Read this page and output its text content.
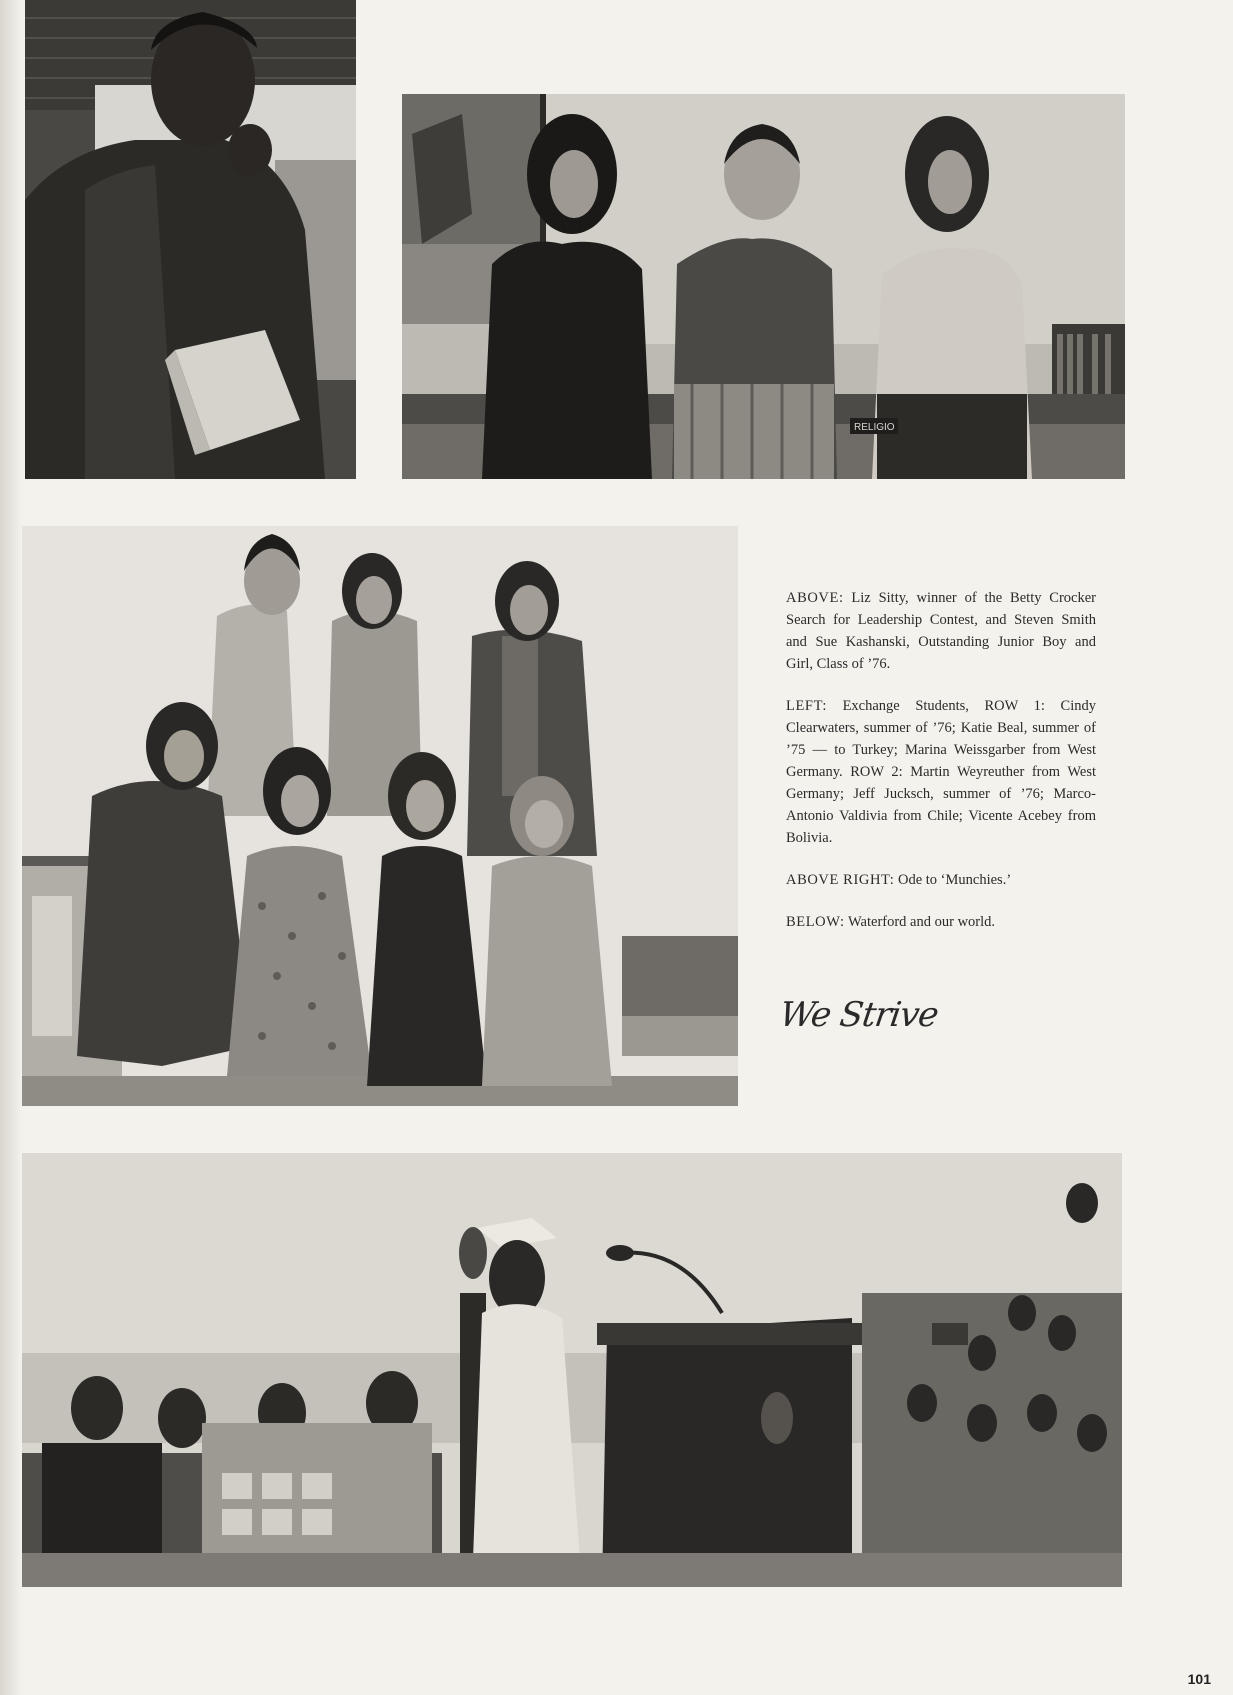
RELIGIO

ABOVE: Liz Sitty, winner of the Betty Crocker Search for Leadership Contest, and Steven Smith and Sue Kashanski, Outstanding Junior Boy and Girl, Class of ’76.

LEFT: Exchange Students, ROW 1: Cindy Clearwaters, summer of ’76; Katie Beal, summer of ’75 — to Turkey; Marina Weissgarber from West Germany. ROW 2: Martin Weyreuther from West Germany; Jeff Jucksch, summer of ’76; Marco-Antonio Valdivia from Chile; Vicente Acebey from Bolivia.

ABOVE RIGHT: Ode to ‘Munchies.’

BELOW: Waterford and our world.

We Strive
101
